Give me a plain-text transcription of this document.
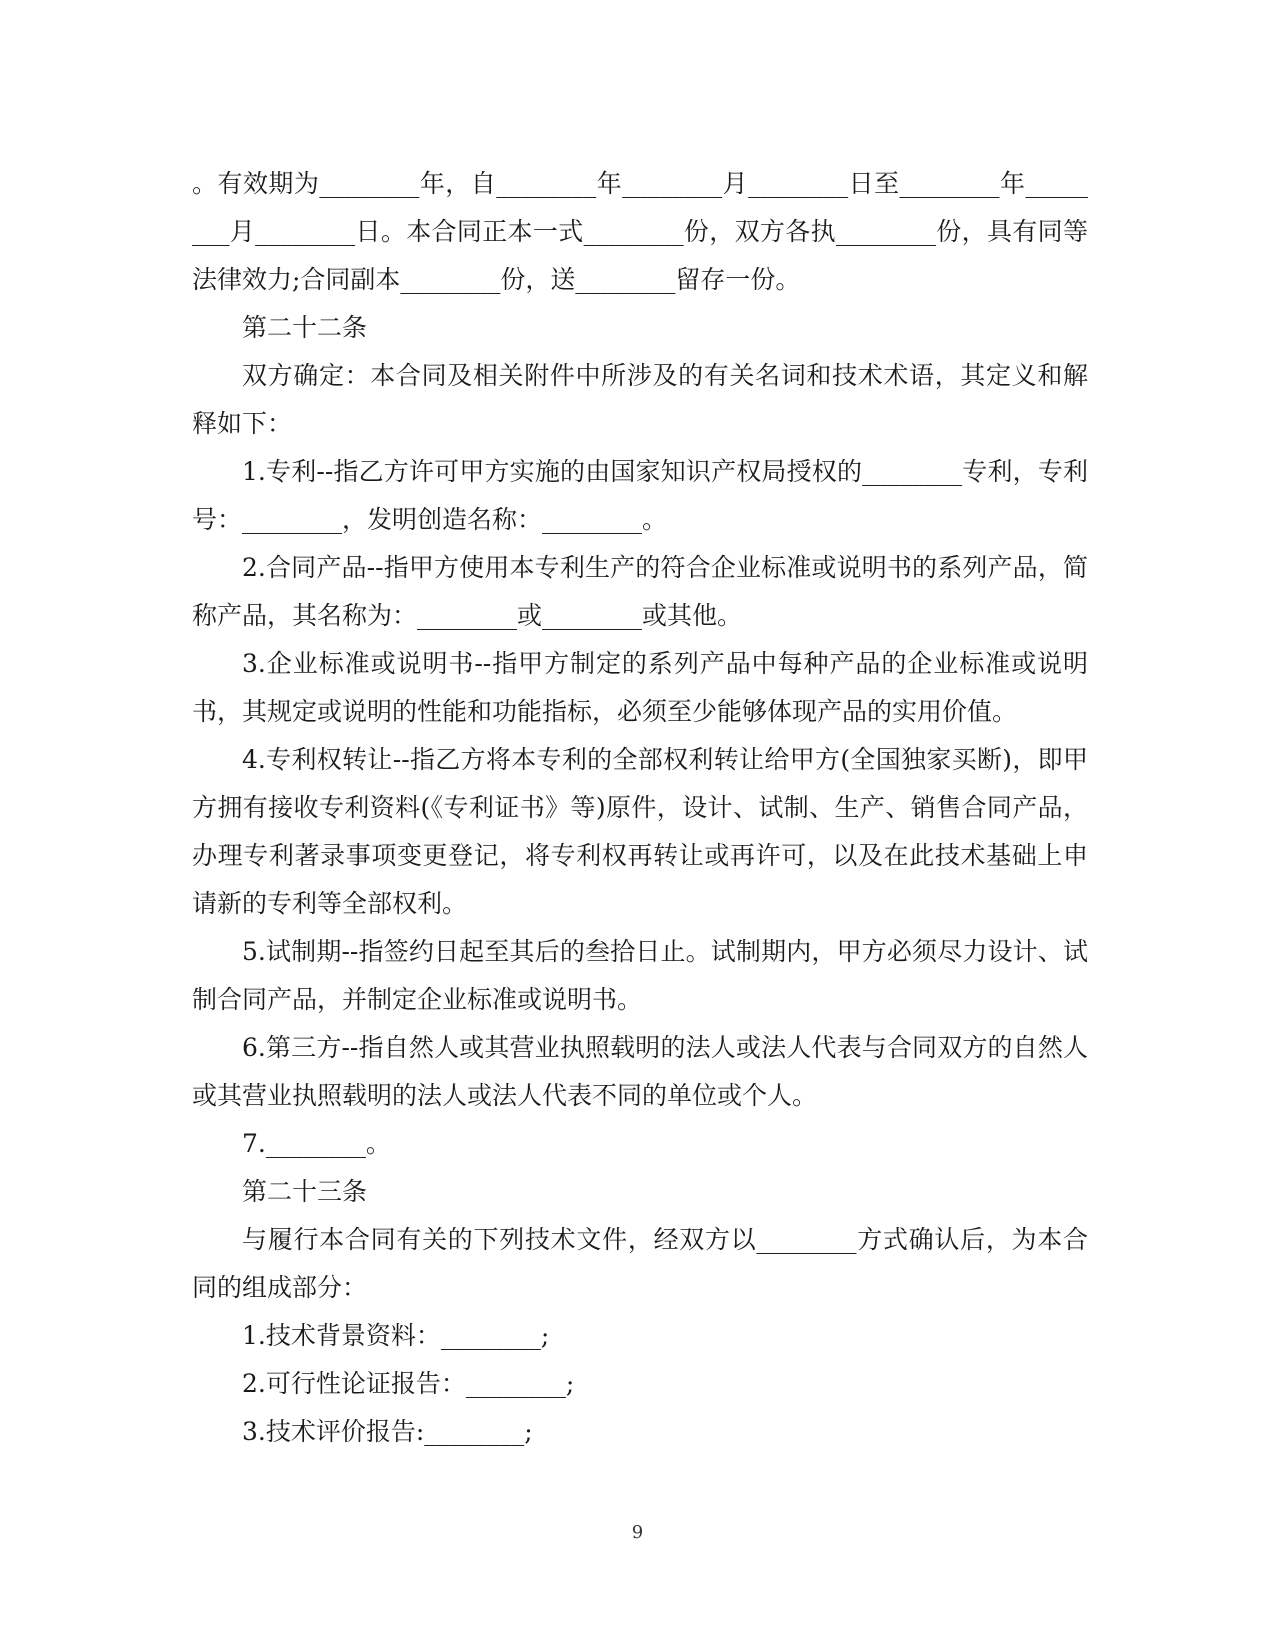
。有效期为________年，自________年________月________日至________年________月________日。本合同正本一式________份，双方各执________份，具有同等法律效力;合同副本________份，送________留存一份。

第二十二条

双方确定：本合同及相关附件中所涉及的有关名词和技术术语，其定义和解释如下：

1.专利--指乙方许可甲方实施的由国家知识产权局授权的________专利，专利号：________，发明创造名称：________。

2.合同产品--指甲方使用本专利生产的符合企业标准或说明书的系列产品，简称产品，其名称为：________或________或其他。

3.企业标准或说明书--指甲方制定的系列产品中每种产品的企业标准或说明书，其规定或说明的性能和功能指标，必须至少能够体现产品的实用价值。

4.专利权转让--指乙方将本专利的全部权利转让给甲方(全国独家买断)，即甲方拥有接收专利资料(《专利证书》等)原件，设计、试制、生产、销售合同产品，办理专利著录事项变更登记，将专利权再转让或再许可，以及在此技术基础上申请新的专利等全部权利。

5.试制期--指签约日起至其后的叁拾日止。试制期内，甲方必须尽力设计、试制合同产品，并制定企业标准或说明书。

6.第三方--指自然人或其营业执照载明的法人或法人代表与合同双方的自然人或其营业执照载明的法人或法人代表不同的单位或个人。

7.________。

第二十三条

与履行本合同有关的下列技术文件，经双方以________方式确认后，为本合同的组成部分：

1.技术背景资料：________;

2.可行性论证报告：________;

3.技术评价报告:________;

9
